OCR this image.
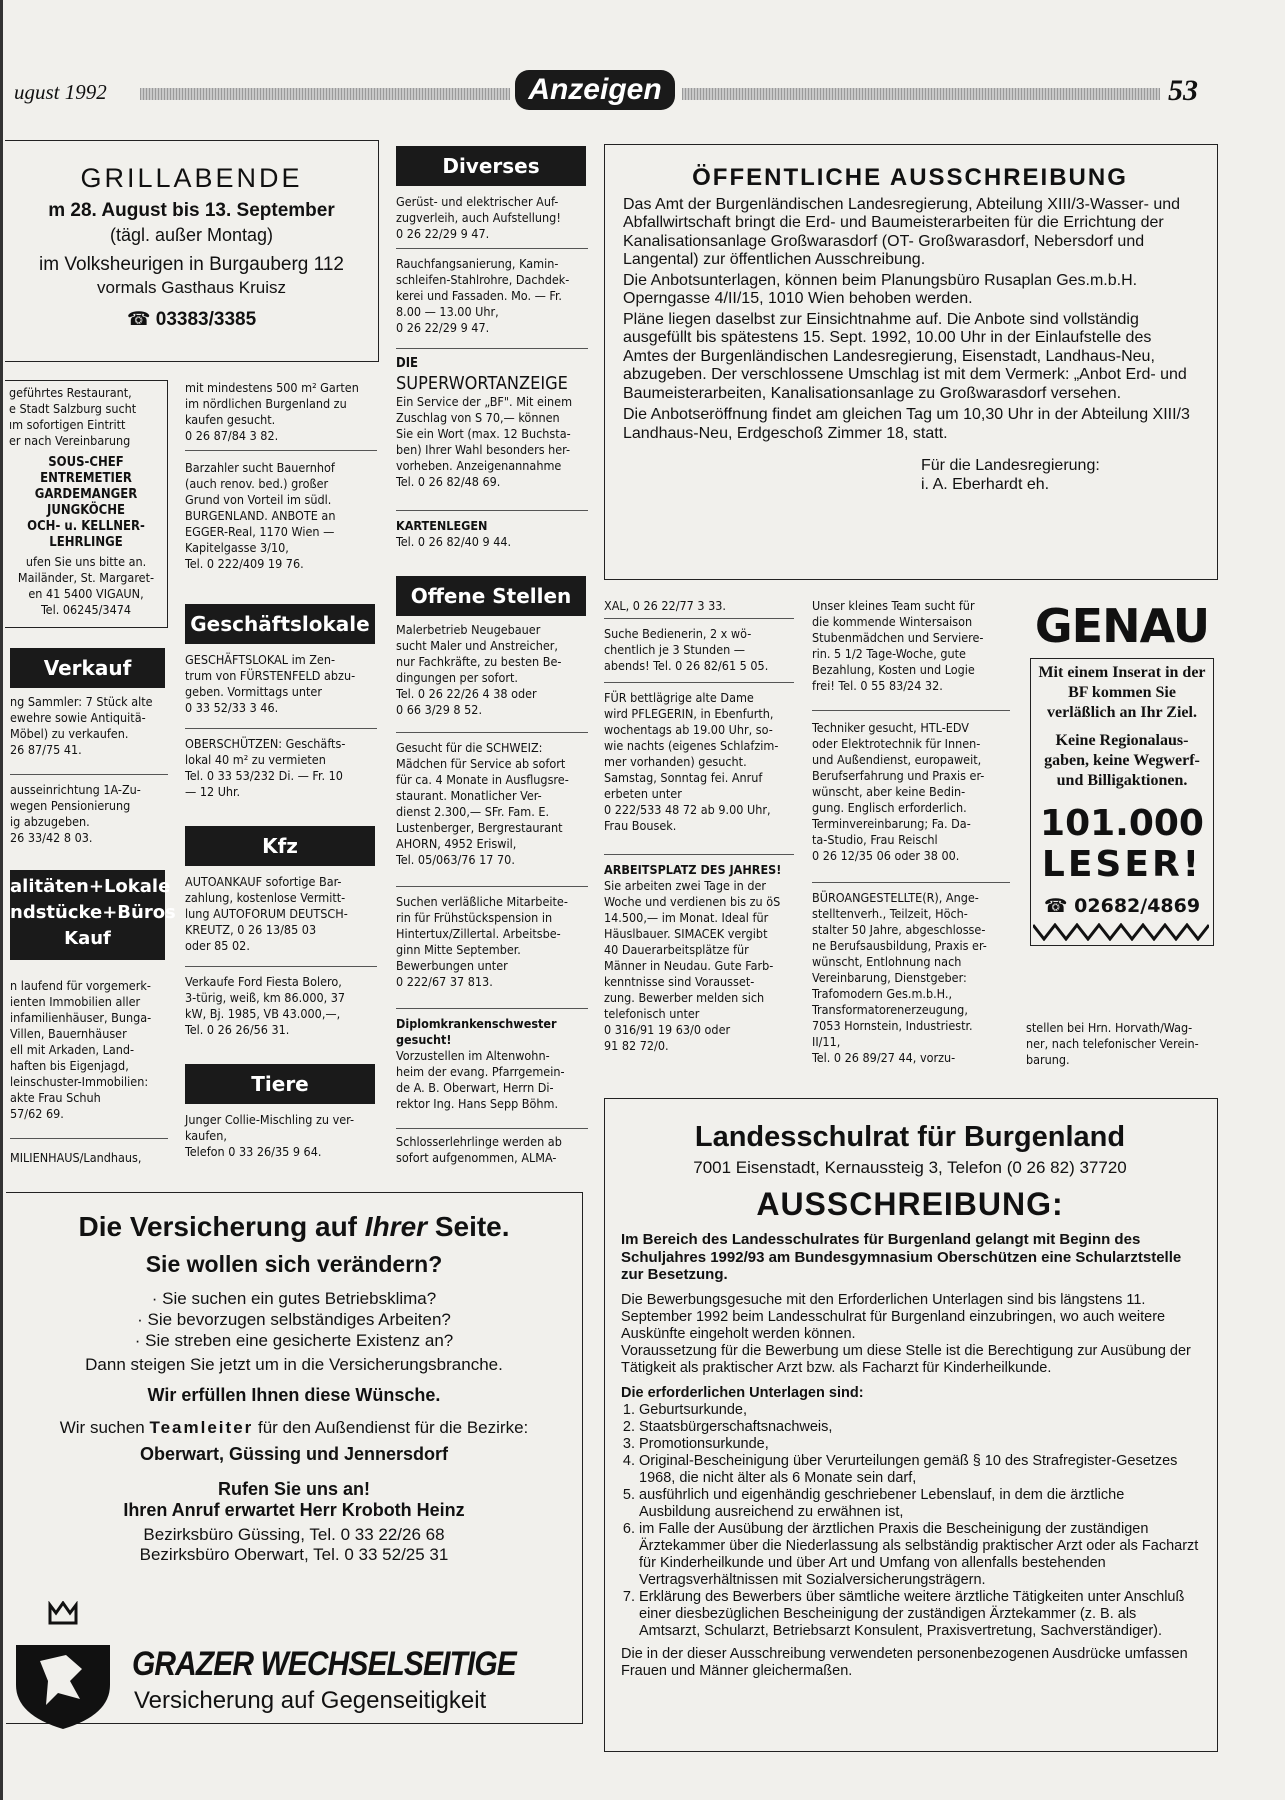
ugust 1992	Anzeigen	53
GRILLABENDE
m 28. August bis 13. September
(tägl. außer Montag)
im Volksheurigen in Burgauberg 112
vormals Gasthaus Kruisz
☎ 03383/3385
geführtes Restaurant,
e Stadt Salzburg sucht
ım sofortigen Eintritt
er nach Vereinbarung
SOUS-CHEF
ENTREMETIER
GARDEMANGER
JUNGKÖCHE
OCH- u. KELLNER-
LEHRLINGE
ufen Sie uns bitte an.
Mailänder, St. Margaret-
en 41 5400 VIGAUN,
Tel. 06245/3474
Verkauf
ng Sammler: 7 Stück alte
ewehre sowie Antiquitä-
Möbel) zu verkaufen.
26 87/75 41.
ausseinrichtung 1A-Zu-
wegen Pensionierung
ig abzugeben.
26 33/42 8 03.
alitäten+Lokale
ndstücke+Büros
Kauf
n laufend für vorgemerk-
ienten Immobilien aller
infamilienhäuser, Bunga-
Villen, Bauernhäuser
ell mit Arkaden, Land-
haften bis Eigenjagd,
leinschuster-Immobilien:
akte Frau Schuh
57/62 69.
MILIENHAUS/Landhaus,
mit mindestens 500 m² Garten
im nördlichen Burgenland zu
kaufen gesucht.
0 26 87/84 3 82.
Barzahler sucht Bauernhof
(auch renov. bed.) großer
Grund von Vorteil im südl.
BURGENLAND. ANBOTE an
EGGER-Real, 1170 Wien —
Kapitelgasse 3/10,
Tel. 0 222/409 19 76.
Geschäftslokale
GESCHÄFTSLOKAL im Zen-
trum von FÜRSTENFELD abzu-
geben. Vormittags unter
0 33 52/33 3 46.
OBERSCHÜTZEN: Geschäfts-
lokal 40 m² zu vermieten
Tel. 0 33 53/232 Di. — Fr. 10
— 12 Uhr.
Kfz
AUTOANKAUF sofortige Bar-
zahlung, kostenlose Vermitt-
lung AUTOFORUM DEUTSCH-
KREUTZ, 0 26 13/85 03
oder 85 02.
Verkaufe Ford Fiesta Bolero,
3-türig, weiß, km 86.000, 37
kW, Bj. 1985, VB 43.000,—,
Tel. 0 26 26/56 31.
Tiere
Junger Collie-Mischling zu ver-
kaufen,
Telefon 0 33 26/35 9 64.
Diverses
Gerüst- und elektrischer Auf-
zugverleih, auch Aufstellung!
0 26 22/29 9 47.
Rauchfangsanierung, Kamin-
schleifen-Stahlrohre, Dachdek-
kerei und Fassaden. Mo. — Fr.
8.00 — 13.00 Uhr,
0 26 22/29 9 47.
DIE
SUPERWORTANZEIGE
Ein Service der „BF". Mit einem
Zuschlag von S 70,— können
Sie ein Wort (max. 12 Buchsta-
ben) Ihrer Wahl besonders her-
vorheben. Anzeigenannahme
Tel. 0 26 82/48 69.
KARTENLEGEN
Tel. 0 26 82/40 9 44.
Offene Stellen
Malerbetrieb Neugebauer
sucht Maler und Anstreicher,
nur Fachkräfte, zu besten Be-
dingungen per sofort.
Tel. 0 26 22/26 4 38 oder
0 66 3/29 8 52.
Gesucht für die SCHWEIZ:
Mädchen für Service ab sofort
für ca. 4 Monate in Ausflugsre-
staurant. Monatlicher Ver-
dienst 2.300,— SFr. Fam. E.
Lustenberger, Bergrestaurant
AHORN, 4952 Eriswil,
Tel. 05/063/76 17 70.
Suchen verläßliche Mitarbeite-
rin für Frühstückspension in
Hintertux/Zillertal. Arbeitsbe-
ginn Mitte September.
Bewerbungen unter
0 222/67 37 813.
Diplomkrankenschwester
gesucht!
Vorzustellen im Altenwohn-
heim der evang. Pfarrgemein-
de A. B. Oberwart, Herrn Di-
rektor Ing. Hans Sepp Böhm.
Schlosserlehrlinge werden ab
sofort aufgenommen, ALMA-
ÖFFENTLICHE AUSSCHREIBUNG

Das Amt der Burgenländischen Landesregierung, Abteilung XIII/3-Wasser- und Abfallwirtschaft bringt die Erd- und Baumeisterarbeiten für die Errichtung der Kanalisationsanlage Großwarasdorf (OT- Großwarasdorf, Nebersdorf und Langental) zur öffentlichen Ausschreibung.

Die Anbotsunterlagen, können beim Planungsbüro Rusaplan Ges.m.b.H. Operngasse 4/II/15, 1010 Wien behoben werden.

Pläne liegen daselbst zur Einsichtnahme auf. Die Anbote sind vollständig ausgefüllt bis spätestens 15. Sept. 1992, 10.00 Uhr in der Einlaufstelle des Amtes der Burgenländischen Landesregierung, Eisenstadt, Landhaus-Neu, abzugeben. Der verschlossene Umschlag ist mit dem Vermerk: „Anbot Erd- und Baumeisterarbeiten, Kanalisationsanlage zu Großwarasdorf versehen.

Die Anbotseröffnung findet am gleichen Tag um 10,30 Uhr in der Abteilung XIII/3 Landhaus-Neu, Erdgeschoß Zimmer 18, statt.

Für die Landesregierung:
i. A. Eberhardt eh.
XAL, 0 26 22/77 3 33.
Suche Bedienerin, 2 x wö-
chentlich je 3 Stunden —
abends! Tel. 0 26 82/61 5 05.
FÜR bettlägrige alte Dame
wird PFLEGERIN, in Ebenfurth,
wochentags ab 19.00 Uhr, so-
wie nachts (eigenes Schlafzim-
mer vorhanden) gesucht.
Samstag, Sonntag fei. Anruf
erbeten unter
0 222/533 48 72 ab 9.00 Uhr,
Frau Bousek.
ARBEITSPLATZ DES JAHRES!
Sie arbeiten zwei Tage in der
Woche und verdienen bis zu öS
14.500,— im Monat. Ideal für
Häuslbauer. SIMACEK vergibt
40 Dauerarbeitsplätze für
Männer in Neudau. Gute Farb-
kenntnisse sind Vorausset-
zung. Bewerber melden sich
telefonisch unter
0 316/91 19 63/0 oder
91 82 72/0.
Unser kleines Team sucht für
die kommende Wintersaison
Stubenmädchen und Serviere-
rin. 5 1/2 Tage-Woche, gute
Bezahlung, Kosten und Logie
frei! Tel. 0 55 83/24 32.
Techniker gesucht, HTL-EDV
oder Elektrotechnik für Innen-
und Außendienst, europaweit,
Berufserfahrung und Praxis er-
wünscht, aber keine Bedin-
gung. Englisch erforderlich.
Terminvereinbarung; Fa. Da-
ta-Studio, Frau Reischl
0 26 12/35 06 oder 38 00.
BÜROANGESTELLTE(R), Ange-
stelltenverh., Teilzeit, Höch-
stalter 50 Jahre, abgeschlosse-
ne Berufsausbildung, Praxis er-
wünscht, Entlohnung nach
Vereinbarung, Dienstgeber:
Trafomodern Ges.m.b.H.,
Transformatorenerzeugung,
7053 Hornstein, Industriestr.
II/11,
Tel. 0 26 89/27 44, vorzu-
GENAU
Mit einem Inserat in der
BF kommen Sie
verläßlich an Ihr Ziel.
Keine Regionalaus-
gaben, keine Wegwerf-
und Billigaktionen.
101.000
LESER!
☎ 02682/4869
stellen bei Hrn. Horvath/Wag-
ner, nach telefonischer Verein-
barung.
Die Versicherung auf Ihrer Seite.
Sie wollen sich verändern?
· Sie suchen ein gutes Betriebsklima?
· Sie bevorzugen selbständiges Arbeiten?
· Sie streben eine gesicherte Existenz an?
Dann steigen Sie jetzt um in die Versicherungsbranche.
Wir erfüllen Ihnen diese Wünsche.
Wir suchen Teamleiter für den Außendienst für die Bezirke:
Oberwart, Güssing und Jennersdorf
Rufen Sie uns an!
Ihren Anruf erwartet Herr Kroboth Heinz
Bezirksbüro Güssing, Tel. 0 33 22/26 68
Bezirksbüro Oberwart, Tel. 0 33 52/25 31
GRAZER WECHSELSEITIGE
Versicherung auf Gegenseitigkeit
Landesschulrat für Burgenland
7001 Eisenstadt, Kernaussteig 3, Telefon (0 26 82) 37720
AUSSCHREIBUNG:

Im Bereich des Landesschulrates für Burgenland gelangt mit Beginn des Schuljahres 1992/93 am Bundesgymnasium Oberschützen eine Schularztstelle zur Besetzung.

Die Bewerbungsgesuche mit den Erforderlichen Unterlagen sind bis längstens 11. September 1992 beim Landesschulrat für Burgenland einzubringen, wo auch weitere Auskünfte eingeholt werden können.

Voraussetzung für die Bewerbung um diese Stelle ist die Berechtigung zur Ausübung der Tätigkeit als praktischer Arzt bzw. als Facharzt für Kinderheilkunde.

Die erforderlichen Unterlagen sind:

1. Geburtsurkunde,
2. Staatsbürgerschaftsnachweis,
3. Promotionsurkunde,
4. Original-Bescheinigung über Verurteilungen gemäß § 10 des Strafregister-Gesetzes 1968, die nicht älter als 6 Monate sein darf,
5. ausführlich und eigenhändig geschriebener Lebenslauf, in dem die ärztliche Ausbildung ausreichend zu erwähnen ist,
6. im Falle der Ausübung der ärztlichen Praxis die Bescheinigung der zuständigen Ärztekammer über die Niederlassung als selbständig praktischer Arzt oder als Facharzt für Kinderheilkunde und über Art und Umfang von allenfalls bestehenden Vertragsverhältnissen mit Sozialversicherungsträgern.
7. Erklärung des Bewerbers über sämtliche weitere ärztliche Tätigkeiten unter Anschluß einer diesbezüglichen Bescheinigung der zuständigen Ärztekammer (z. B. als Amtsarzt, Schularzt, Betriebsarzt Konsulent, Praxisvertretung, Sachverständiger).

Die in der dieser Ausschreibung verwendeten personenbezogenen Ausdrücke umfassen Frauen und Männer gleichermaßen.
